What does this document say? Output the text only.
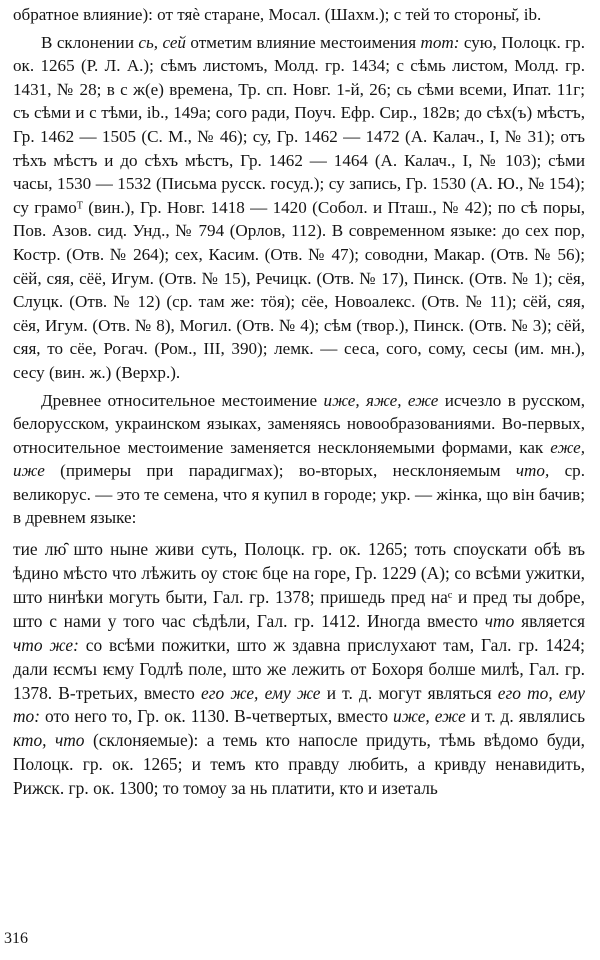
обратное влияние): от тяѐ старане, Мосал. (Шахм.); с тей то стороны̆, ib.

В склонении сь, сей отметим влияние местоимения тот: сую, Полоцк. гр. ок. 1265 (Р. Л. А.); сѣмъ листомъ, Молд. гр. 1434; с сѣмь листом, Молд. гр. 1431, № 28; в с ж(е) времена, Тр. сп. Новг. 1-й, 26; сь сѣми всеми, Ипат. 11г; съ сѣми и с тѣми, ib., 149а; сого ради, Поуч. Ефр. Сир., 182в; до сѣх(ъ) мѣстъ, Гр. 1462 — 1505 (С. М., № 46); су, Гр. 1462 — 1472 (А. Калач., I, № 31); отъ тѣхъ мѣстъ и до сѣхъ мѣстъ, Гр. 1462 — 1464 (А. Калач., I, № 103); сѣми часы, 1530 — 1532 (Письма русск. госуд.); су запись, Гр. 1530 (А. Ю., № 154); су грамоᵀ (вин.), Гр. Новг. 1418 — 1420 (Собол. и Пташ., № 42); по сѣ поры, Пов. Азов. сид. Унд., № 794 (Орлов, 112). В современном языке: до сех пор, Костр. (Отв. № 264); сех, Касим. (Отв. № 47); соводни, Макар. (Отв. № 56); сёй, сяя, сёё, Игум. (Отв. № 15), Речицк. (Отв. № 17), Пинск. (Отв. № 1); сёя, Слуцк. (Отв. № 12) (ср. там же: тöя); сёе, Новоалекс. (Отв. № 11); сёй, сяя, сёя, Игум. (Отв. № 8), Могил. (Отв. № 4); сѣм (твор.), Пинск. (Отв. № 3); сёй, сяя, то сёе, Рогач. (Ром., III, 390); лемк. — сеса, сого, сому, сесы (им. мн.), сесу (вин. ж.) (Верхр.).

Древнее относительное местоимение иже, яже, еже исчезло в русском, белорусском, украинском языках, заменяясь новообразованиями. Во-первых, относительное местоимение заменяется несклоняемыми формами, как еже, иже (примеры при парадигмах); во-вторых, несклоняемым что, ср. великорус. — это те семена, что я купил в городе; укр. — жiнка, що вiн бачив; в древнем языке:

тие лю̑ што нынe живи суть, Полоцк. гр. ок. 1265; тоть споускати обѣ въ ѣдино мѣсто что лѣжить оу стоѥ бце на горе, Гр. 1229 (А); со всѣми ужитки, што нинѣки могуть быти, Гал. гр. 1378; пришедь пред наᶜ и пред ты добре, што с нами у того час сѣдѣли, Гал. гр. 1412. Иногда вместо что является что же: со всѣми пожитки, што ж здавна прислухают там, Гал. гр. 1424; дали ѥсмъı ѥму Годлѣ поле, што же лежить от Бохоря болше милѣ, Гал. гр. 1378. В-третьих, вместо его же, ему же и т. д. могут являться его то, ему то: ото него то, Гр. ок. 1130. В-четвертых, вместо иже, еже и т. д. являлись кто, что (склоняемые): а темь кто напосле придуть, тѣмь вѣдомо буди, Полоцк. гр. ок. 1265; и темъ кто правду любить, а кривду ненавидить, Рижск. гр. ок. 1300; то томоу за нь платити, кто и изеталь

316
